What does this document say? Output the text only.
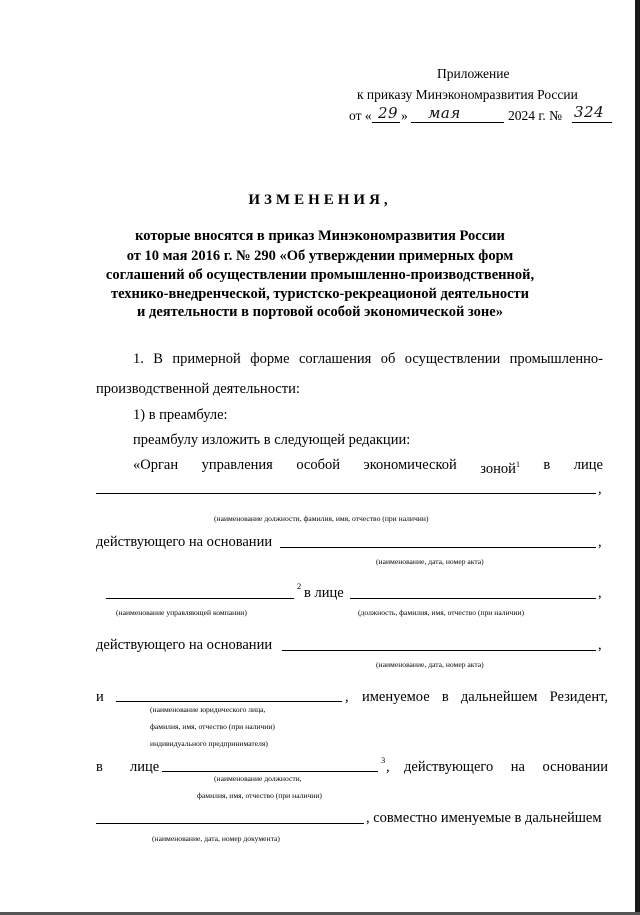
Приложение
к приказу Минэкономразвития России
от « 29 » мая	2024 г. № 324
ИЗМЕНЕНИЯ,
которые вносятся в приказ Минэкономразвития России
от 10 мая 2016 г. № 290 «Об утверждении примерных форм
соглашений об осуществлении промышленно-производственной,
технико-внедренческой, туристско-рекреационой деятельности
и деятельности в портовой особой экономической зоне»
1. В примерной форме соглашения об осуществлении промышленно-
производственной деятельности:
1) в преамбуле:
преамбулу изложить в следующей редакции:
«Орган управления особой экономической зоной$^1$ в лице
,
(наименование должности, фамилия, имя, отчество (при наличии)
действующего на основании	,
(наименование, дата, номер акта)
2 в лице	,
(наименование управляющей компании)	(должность, фамилия, имя, отчество (при наличии)
действующего на основании	,
(наименование, дата, номер акта)
и	, именуемое в дальнейшем Резидент,
(наименование юридического лица,
фамилия, имя, отчество (при наличии)
индивидуального предпринимателя)
в лице	3 , действующего на основании
(наименование должности,
фамилия, имя, отчество (при наличии)
, совместно именуемые в дальнейшем
(наименование, дата, номер документа)
